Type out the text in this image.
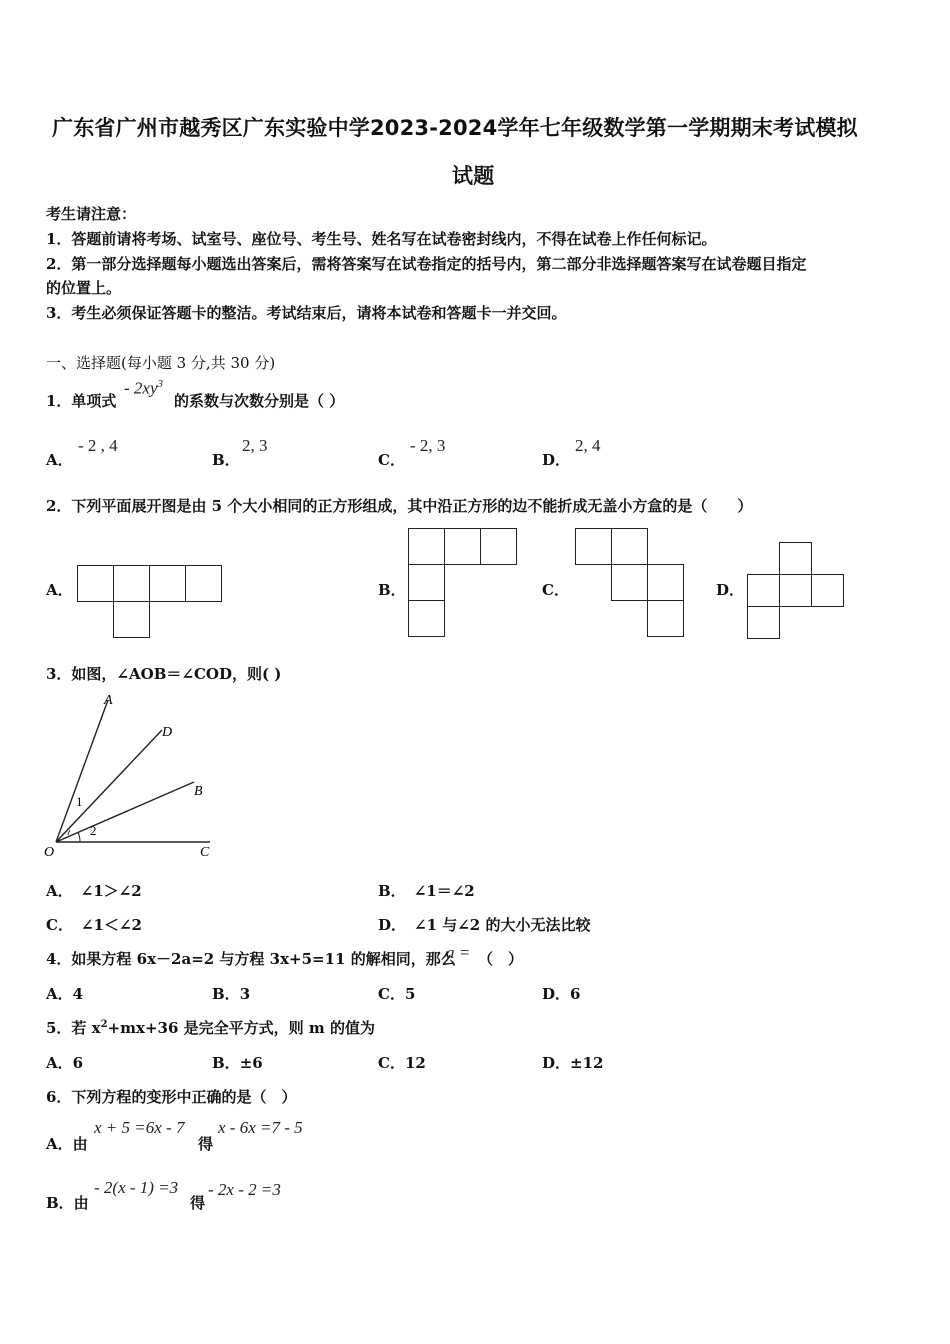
广东省广州市越秀区广东实验中学2023-2024学年七年级数学第一学期期末考试模拟
试题
考生请注意：
1．答题前请将考场、试室号、座位号、考生号、姓名写在试卷密封线内，不得在试卷上作任何标记。
2．第一部分选择题每小题选出答案后，需将答案写在试卷指定的括号内，第二部分非选择题答案写在试卷题目指定
的位置上。
3．考生必须保证答题卡的整洁。考试结束后，请将本试卷和答题卡一并交回。
一、选择题(每小题 3 分,共 30 分)
1．单项式
- $2xy^3$
的系数与次数分别是（ ）
A．
- 2 , 4
B．
2, 3
C．
- 2, 3
D．
2, 4
2．下列平面展开图是由 5 个大小相同的正方形组成，其中沿正方形的边不能折成无盖小方盒的是（　　）
A．	B．	C．	D．
3．如图，∠AOB＝∠COD，则( )
A
D
B
O	C
1
2
A． ∠1＞∠2	B． ∠1＝∠2
C． ∠1＜∠2	D． ∠1 与∠2 的大小无法比较
4．如果方程 6x－2a=2 与方程 3x+5=11 的解相同，那么
a = （　）
A．4	B．3	C．5	D．6
5．若 $x^2+mx+36$ 是完全平方式，则 m 的值为
A．6	B．±6	C．12	D．±12
6．下列方程的变形中正确的是（　）
A．由
x + 5 =6x - 7
得
x - 6x =7 - 5
B．由
- 2(x - 1) =3
得
- 2x - 2 =3
